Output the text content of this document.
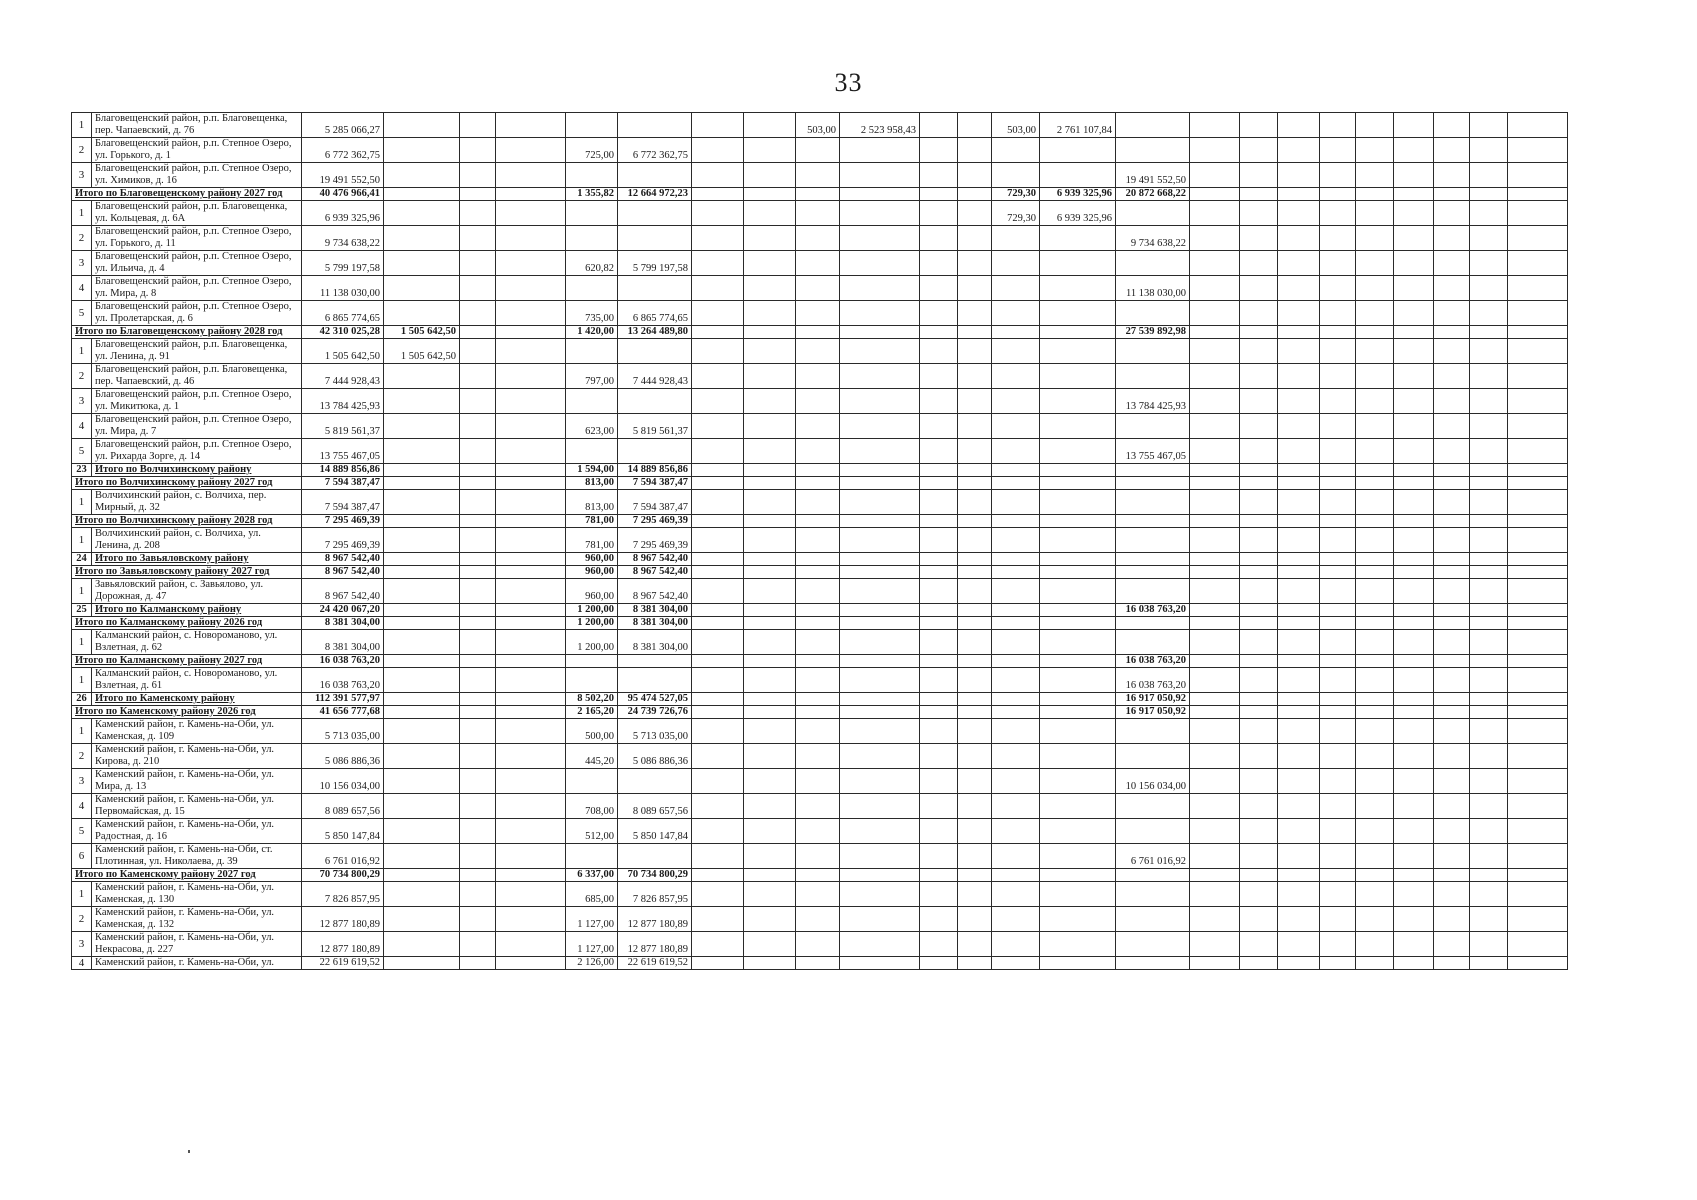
33
1	Благовещенский район, р.п. Благовещенка, пер. Чапаевский, д. 76	5 285 066,27								503,00	2 523 958,43			503,00	2 761 107,84										
2	Благовещенский район, р.п. Степное Озеро, ул. Горького, д. 1	6 772 362,75				725,00	6 772 362,75																		
3	Благовещенский район, р.п. Степное Озеро, ул. Химиков, д. 16	19 491 552,50														19 491 552,50									
Итого по Благовещенскому району 2027 год		40 476 966,41				1 355,82	12 664 972,23							729,30	6 939 325,96	20 872 668,22									
1	Благовещенский район, р.п. Благовещенка, ул. Кольцевая, д. 6А	6 939 325,96												729,30	6 939 325,96										
2	Благовещенский район, р.п. Степное Озеро, ул. Горького, д. 11	9 734 638,22														9 734 638,22									
3	Благовещенский район, р.п. Степное Озеро, ул. Ильича, д. 4	5 799 197,58				620,82	5 799 197,58																		
4	Благовещенский район, р.п. Степное Озеро, ул. Мира, д. 8	11 138 030,00														11 138 030,00									
5	Благовещенский район, р.п. Степное Озеро, ул. Пролетарская, д. 6	6 865 774,65				735,00	6 865 774,65																		
Итого по Благовещенскому району 2028 год		42 310 025,28	1 505 642,50			1 420,00	13 264 489,80									27 539 892,98									
1	Благовещенский район, р.п. Благовещенка, ул. Ленина, д. 91	1 505 642,50	1 505 642,50																						
2	Благовещенский район, р.п. Благовещенка, пер. Чапаевский, д. 46	7 444 928,43				797,00	7 444 928,43																		
3	Благовещенский район, р.п. Степное Озеро, ул. Микитюка, д. 1	13 784 425,93														13 784 425,93									
4	Благовещенский район, р.п. Степное Озеро, ул. Мира, д. 7	5 819 561,37				623,00	5 819 561,37																		
5	Благовещенский район, р.п. Степное Озеро, ул. Рихарда Зорге, д. 14	13 755 467,05														13 755 467,05									
23	Итого по Волчихинскому району	14 889 856,86				1 594,00	14 889 856,86																		
Итого по Волчихинскому району 2027 год		7 594 387,47				813,00	7 594 387,47																		
1	Волчихинский район, с. Волчиха, пер. Мирный, д. 32	7 594 387,47				813,00	7 594 387,47																		
Итого по Волчихинскому району 2028 год		7 295 469,39				781,00	7 295 469,39																		
1	Волчихинский район, с. Волчиха, ул. Ленина, д. 208	7 295 469,39				781,00	7 295 469,39																		
24	Итого по Завьяловскому району	8 967 542,40				960,00	8 967 542,40																		
Итого по Завьяловскому району 2027 год		8 967 542,40				960,00	8 967 542,40																		
1	Завьяловский район, с. Завьялово, ул. Дорожная, д. 47	8 967 542,40				960,00	8 967 542,40																		
25	Итого по Калманскому району	24 420 067,20				1 200,00	8 381 304,00									16 038 763,20									
Итого по Калманскому району 2026 год		8 381 304,00				1 200,00	8 381 304,00																		
1	Калманский район, с. Новороманово, ул. Взлетная, д. 62	8 381 304,00				1 200,00	8 381 304,00																		
Итого по Калманскому району 2027 год		16 038 763,20														16 038 763,20									
1	Калманский район, с. Новороманово, ул. Взлетная, д. 61	16 038 763,20														16 038 763,20									
26	Итого по Каменскому району	112 391 577,97				8 502,20	95 474 527,05									16 917 050,92									
Итого по Каменскому району 2026 год		41 656 777,68				2 165,20	24 739 726,76									16 917 050,92									
1	Каменский район, г. Камень-на-Оби, ул. Каменская, д. 109	5 713 035,00				500,00	5 713 035,00																		
2	Каменский район, г. Камень-на-Оби, ул. Кирова, д. 210	5 086 886,36				445,20	5 086 886,36																		
3	Каменский район, г. Камень-на-Оби, ул. Мира, д. 13	10 156 034,00														10 156 034,00									
4	Каменский район, г. Камень-на-Оби, ул. Первомайская, д. 15	8 089 657,56				708,00	8 089 657,56																		
5	Каменский район, г. Камень-на-Оби, ул. Радостная, д. 16	5 850 147,84				512,00	5 850 147,84																		
6	Каменский район, г. Камень-на-Оби, ст. Плотинная, ул. Николаева, д. 39	6 761 016,92														6 761 016,92									
Итого по Каменскому району 2027 год		70 734 800,29				6 337,00	70 734 800,29																		
1	Каменский район, г. Камень-на-Оби, ул. Каменская, д. 130	7 826 857,95				685,00	7 826 857,95																		
2	Каменский район, г. Камень-на-Оби, ул. Каменская, д. 132	12 877 180,89				1 127,00	12 877 180,89																		
3	Каменский район, г. Камень-на-Оби, ул. Некрасова, д. 227	12 877 180,89				1 127,00	12 877 180,89																		
4	Каменский район, г. Камень-на-Оби, ул.	22 619 619,52				2 126,00	22 619 619,52																		
